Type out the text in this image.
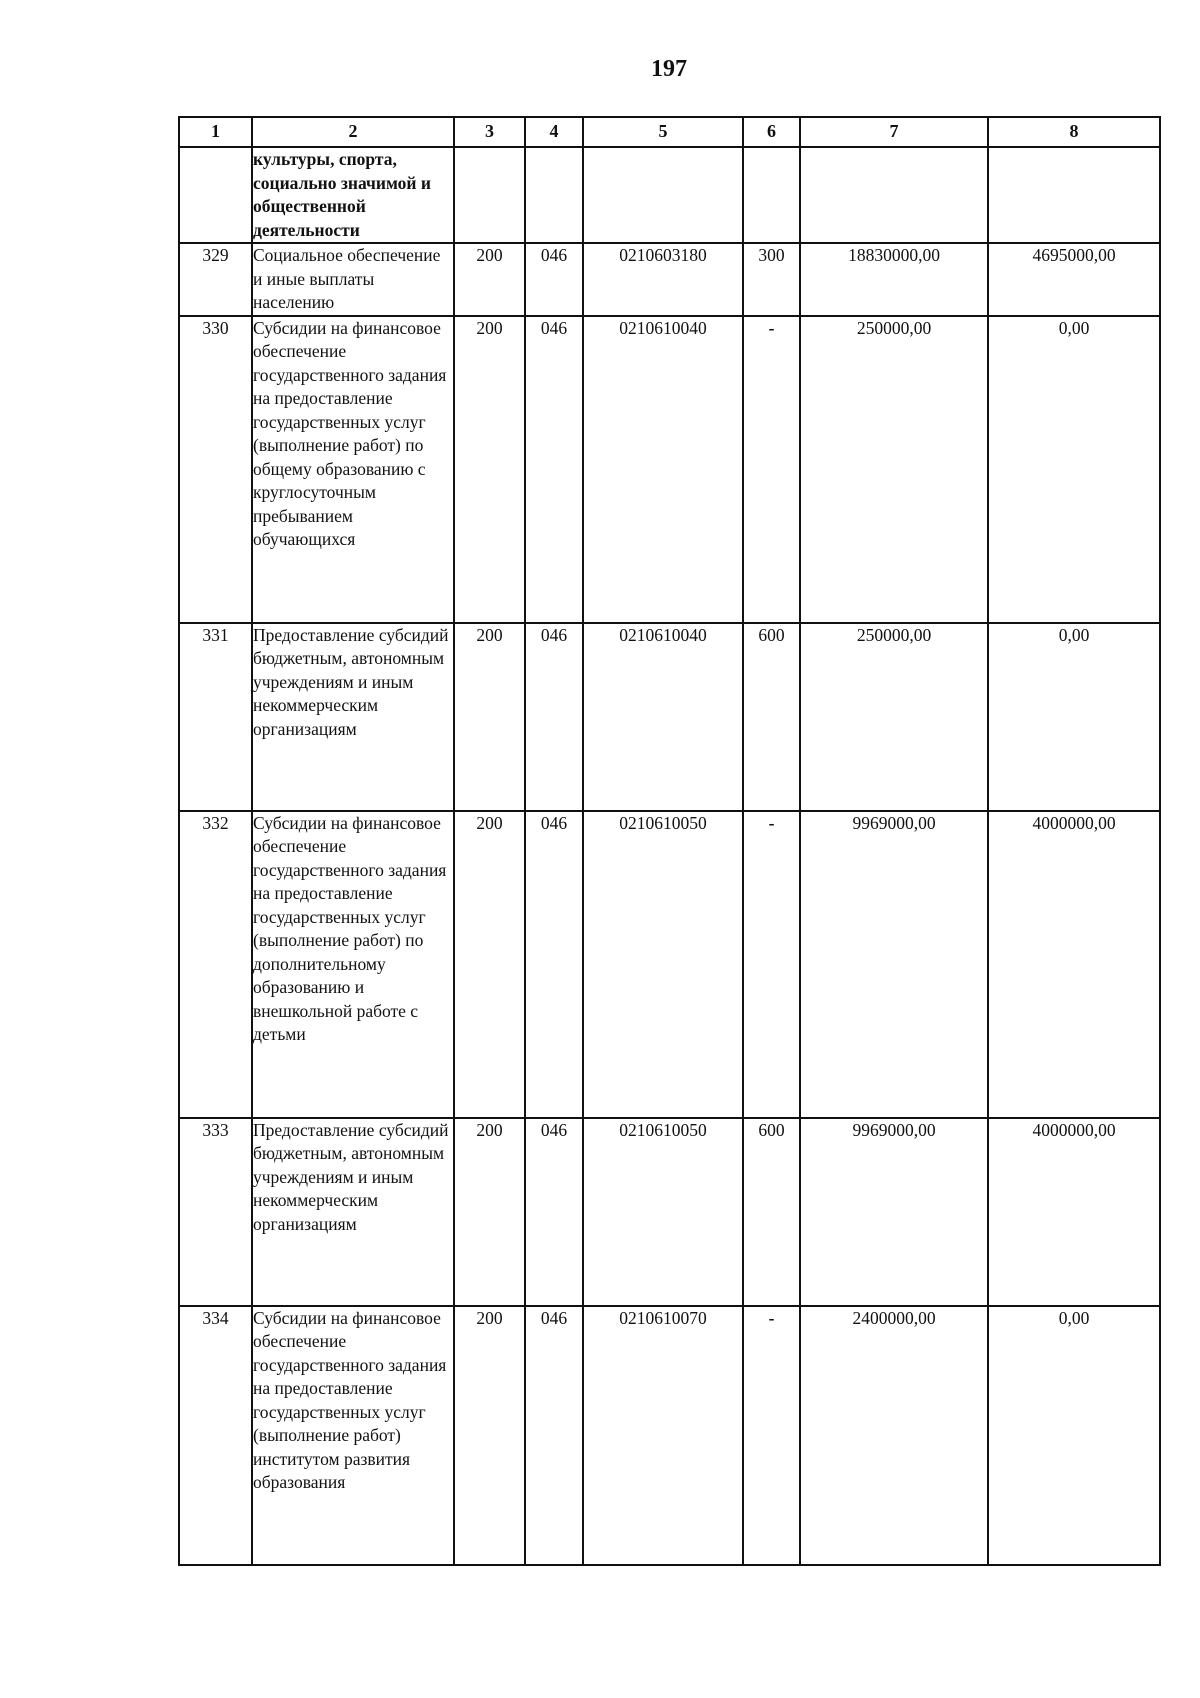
197
1	2	3	4	5	6	7	8
	культуры, спорта, социально значимой и общественной деятельности						
329	Социальное обеспечение и иные выплаты населению	200	046	0210603180	300	18830000,00	4695000,00
330	Субсидии на финансовое обеспечение государственного задания на предоставление государственных услуг (выполнение работ) по общему образованию с круглосуточным пребыванием обучающихся	200	046	0210610040	-	250000,00	0,00
331	Предоставление субсидий бюджетным, автономным учреждениям и иным некоммерческим организациям	200	046	0210610040	600	250000,00	0,00
332	Субсидии на финансовое обеспечение государственного задания на предоставление государственных услуг (выполнение работ) по дополнительному образованию и внешкольной работе с детьми	200	046	0210610050	-	9969000,00	4000000,00
333	Предоставление субсидий бюджетным, автономным учреждениям и иным некоммерческим организациям	200	046	0210610050	600	9969000,00	4000000,00
334	Субсидии на финансовое обеспечение государственного задания на предоставление государственных услуг (выполнение работ) институтом развития образования	200	046	0210610070	-	2400000,00	0,00
